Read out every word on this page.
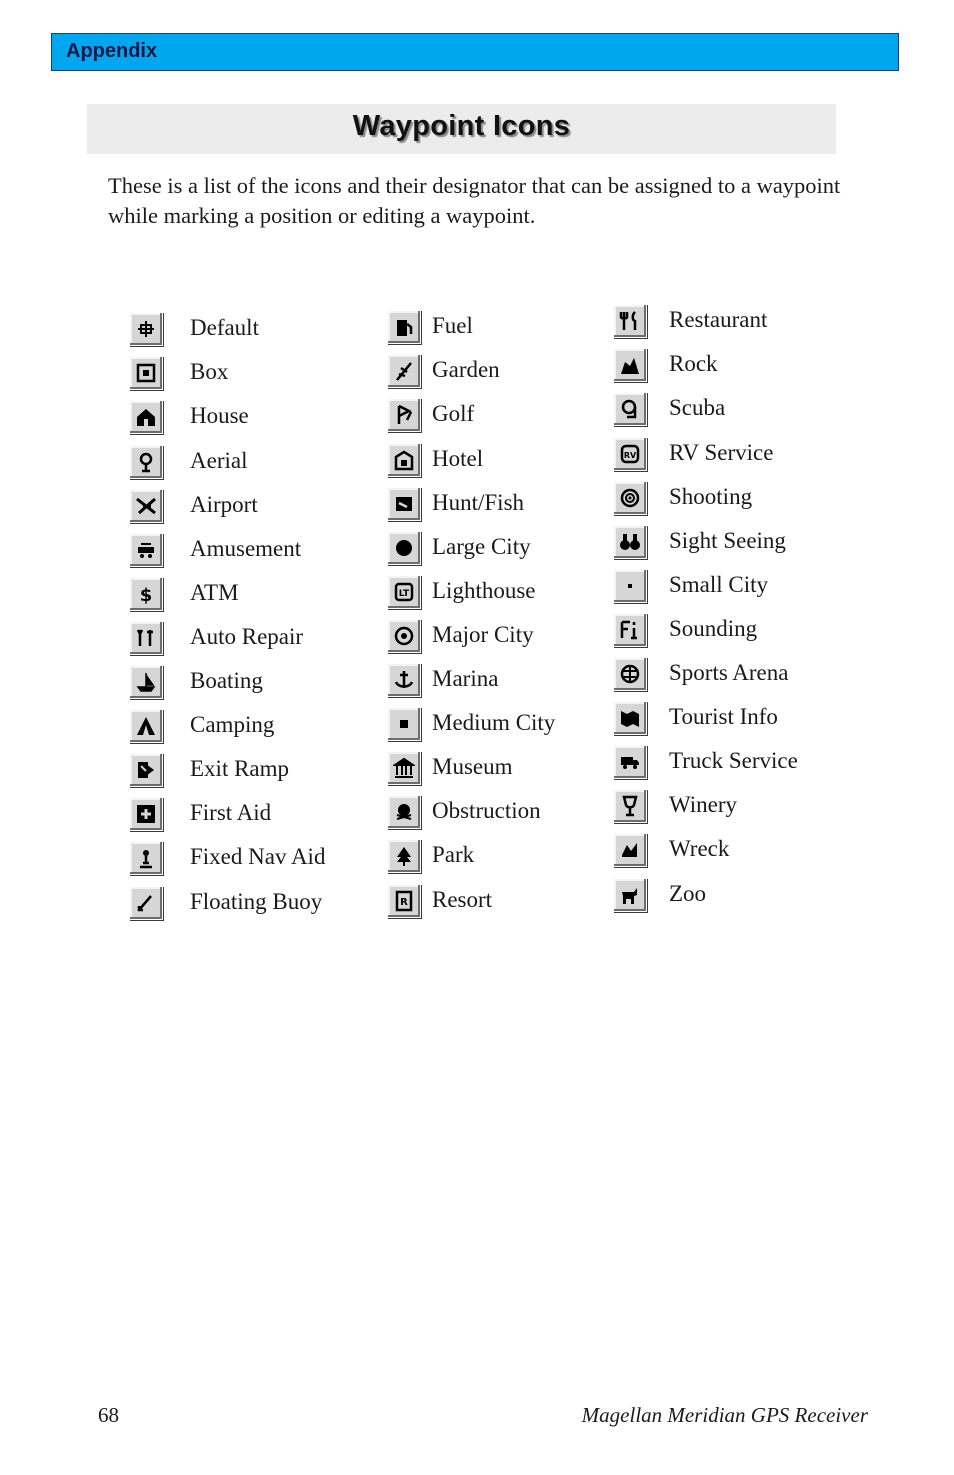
Appendix
Waypoint Icons

These is a list of the icons and their designator that can be assigned to a waypoint while marking a position or editing a waypoint.

Default
Box
House
Aerial
Airport
Amusement
$ ATM
Auto Repair
Boating
Camping
Exit Ramp
First Aid
Fixed Nav Aid
Floating Buoy
Fuel
Garden
Golf
Hotel
Hunt/Fish
Large City
LT Lighthouse
Major City
Marina
Medium City
Museum
Obstruction
Park
R Resort
Restaurant
Rock
Scuba
RV RV Service
Shooting
Sight Seeing
Small City
Sounding
Sports Arena
Tourist Info
Truck Service
Winery
Wreck
Zoo
68	Magellan Meridian GPS Receiver
